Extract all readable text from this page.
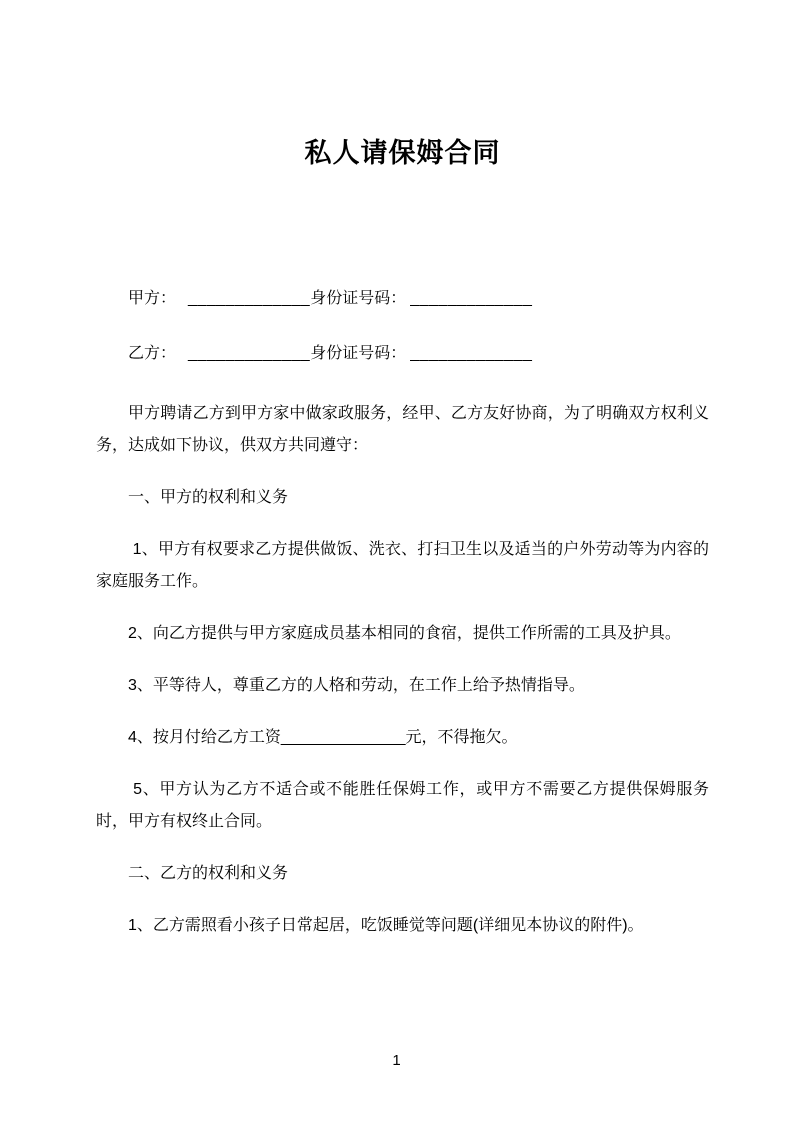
私人请保姆合同

甲方： _____________身份证号码： _____________

乙方： _____________身份证号码： _____________

甲方聘请乙方到甲方家中做家政服务，经甲、乙方友好协商，为了明确双方权利义务，达成如下协议，供双方共同遵守：

一、甲方的权利和义务

1、甲方有权要求乙方提供做饭、洗衣、打扫卫生以及适当的户外劳动等为内容的家庭服务工作。

2、向乙方提供与甲方家庭成员基本相同的食宿，提供工作所需的工具及护具。

3、平等待人，尊重乙方的人格和劳动，在工作上给予热情指导。

4、按月付给乙方工资______________元，不得拖欠。

5、甲方认为乙方不适合或不能胜任保姆工作，或甲方不需要乙方提供保姆服务时，甲方有权终止合同。

二、乙方的权利和义务

1、乙方需照看小孩子日常起居，吃饭睡觉等问题(详细见本协议的附件)。

1
